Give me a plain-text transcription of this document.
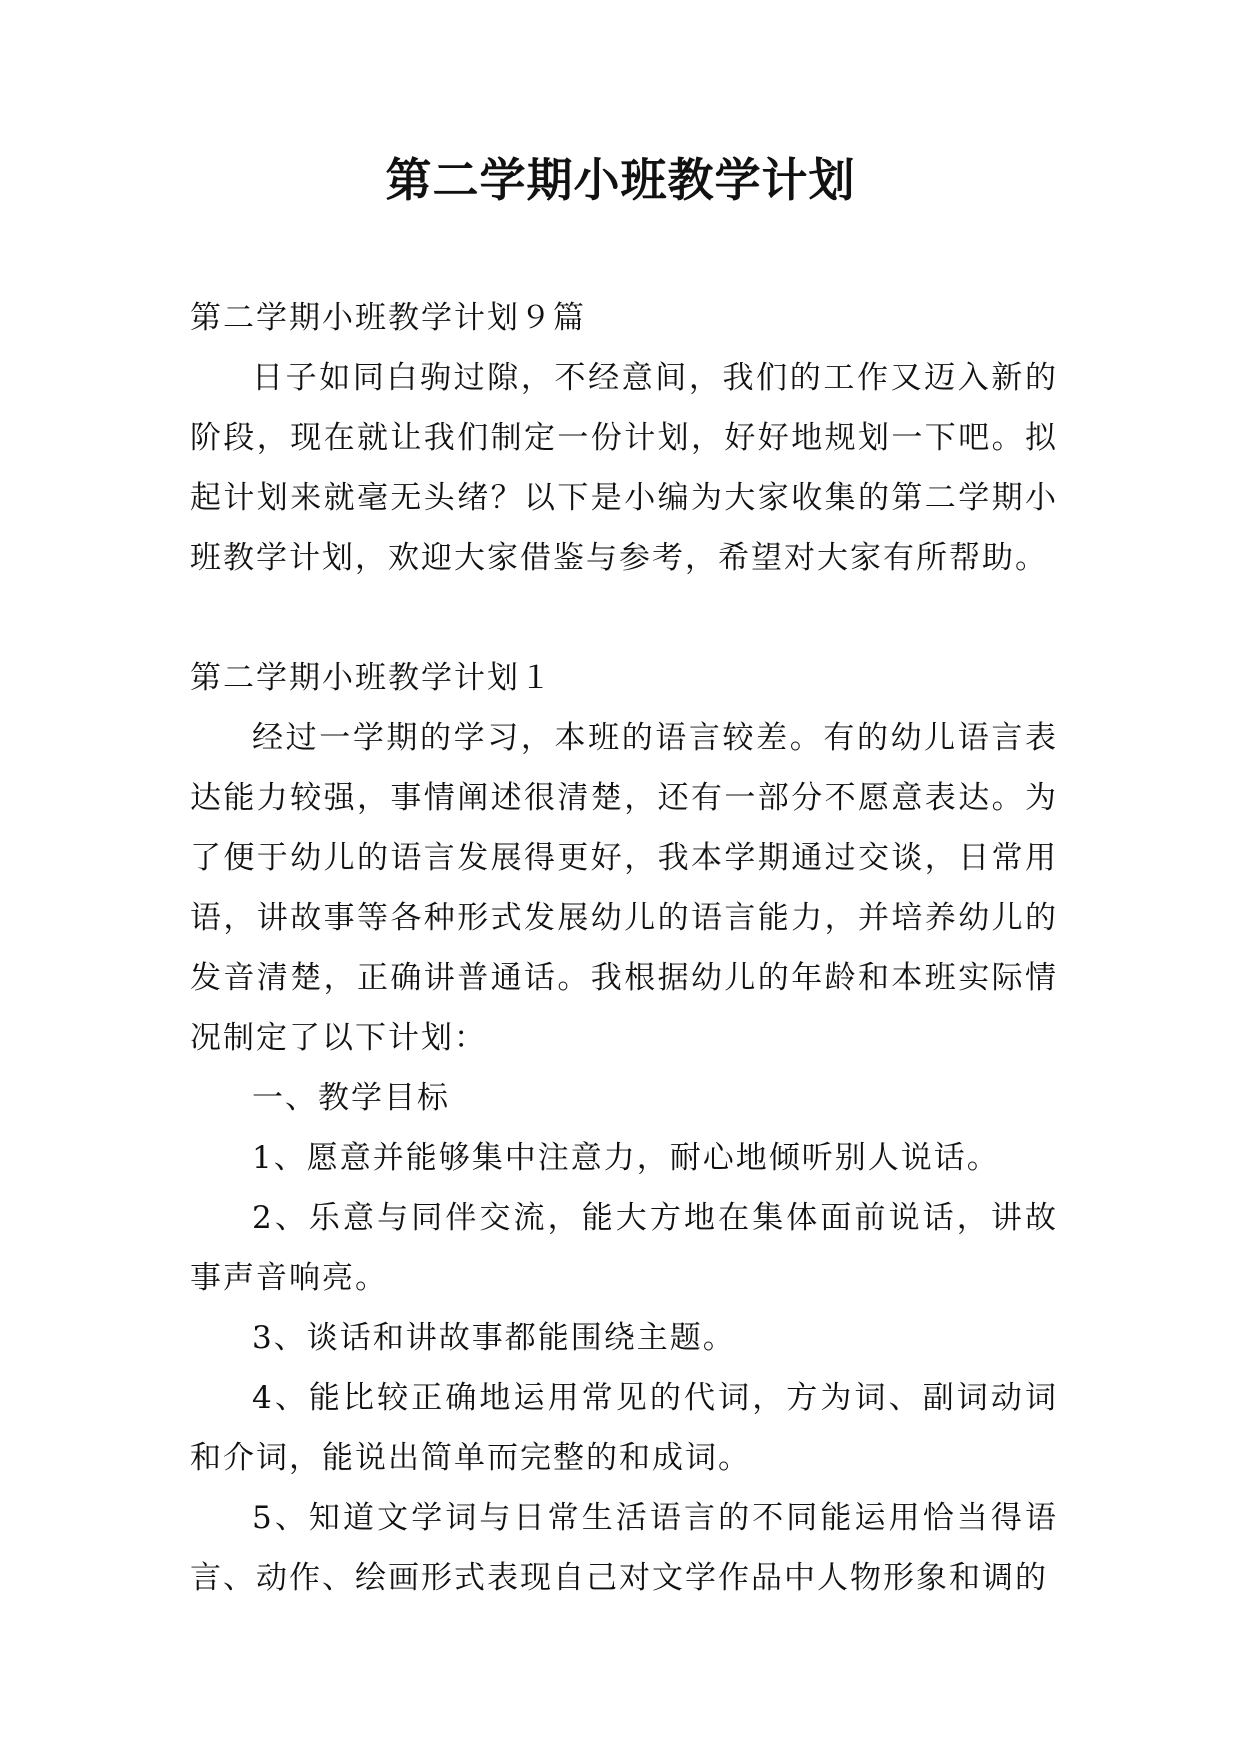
第二学期小班教学计划

第二学期小班教学计划９篇

日子如同白驹过隙，不经意间，我们的工作又迈入新的阶段，现在就让我们制定一份计划，好好地规划一下吧。拟起计划来就毫无头绪？以下是小编为大家收集的第二学期小班教学计划，欢迎大家借鉴与参考，希望对大家有所帮助。

第二学期小班教学计划１

经过一学期的学习，本班的语言较差。有的幼儿语言表达能力较强，事情阐述很清楚，还有一部分不愿意表达。为了便于幼儿的语言发展得更好，我本学期通过交谈，日常用语，讲故事等各种形式发展幼儿的语言能力，并培养幼儿的发音清楚，正确讲普通话。我根据幼儿的年龄和本班实际情况制定了以下计划：

一、教学目标

1、愿意并能够集中注意力，耐心地倾听别人说话。

2、乐意与同伴交流，能大方地在集体面前说话，讲故事声音响亮。

3、谈话和讲故事都能围绕主题。

4、能比较正确地运用常见的代词，方为词、副词动词和介词，能说出简单而完整的和成词。

5、知道文学词与日常生活语言的不同能运用恰当得语言、动作、绘画形式表现自己对文学作品中人物形象和调的
